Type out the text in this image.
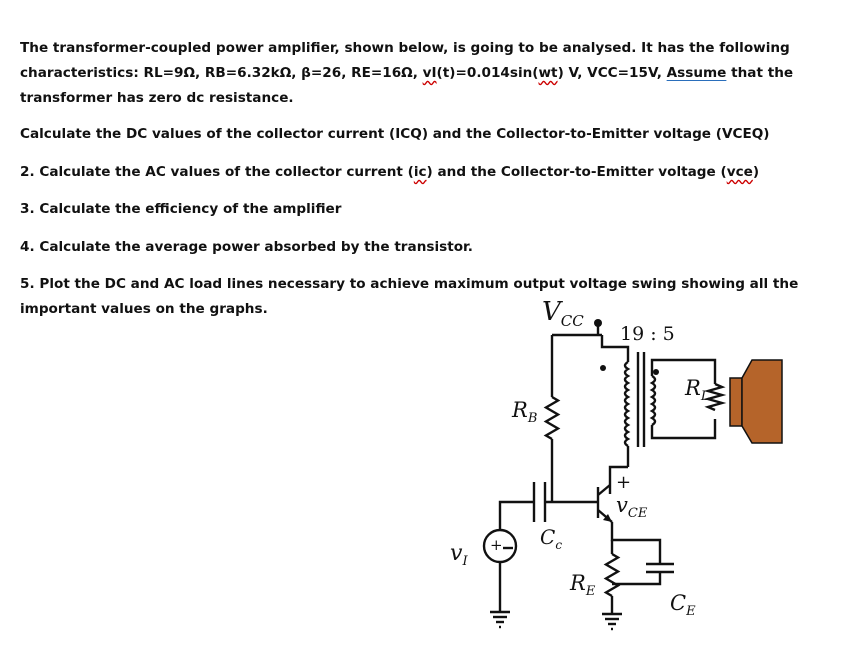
The transformer-coupled power amplifier, shown below, is going to be analysed. It has the following characteristics: RL=9Ω, RB=6.32kΩ, β=26, RE=16Ω, vI(t)=0.014sin(wt) V, VCC=15V, Assume that the transformer has zero dc resistance.

Calculate the DC values of the collector current (ICQ) and the Collector-to-Emitter voltage (VCEQ)

2. Calculate the AC values of the collector current (ic) and the Collector-to-Emitter voltage (vce)

3. Calculate the efficiency of the amplifier

4. Calculate the average power absorbed by the transistor.

5. Plot the DC and AC load lines necessary to achieve maximum output voltage swing showing all the important values on the graphs.	$V_{CC}$
19 : 5
$R_L$
$R_B$
$C_c$
+
$v_{CE}$
$C_E$
$R_E$
+
$v_I$
